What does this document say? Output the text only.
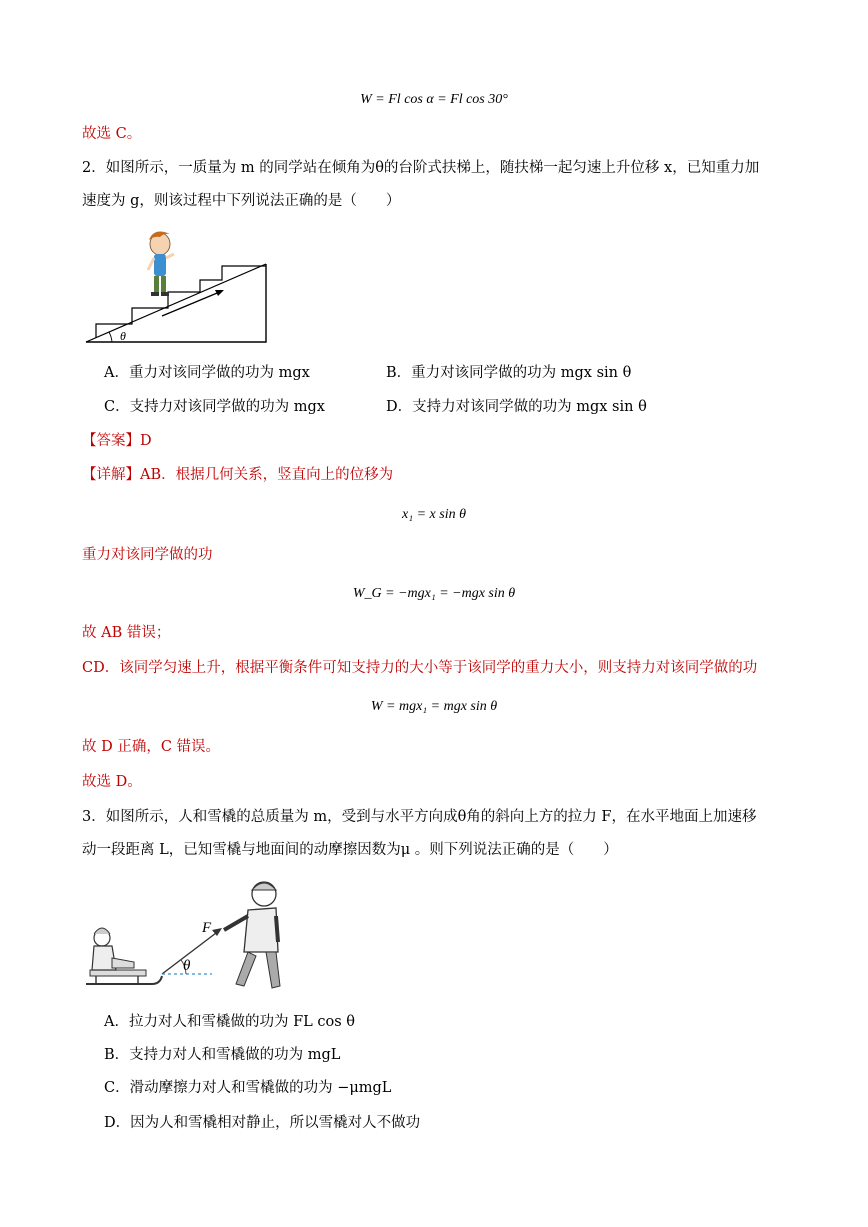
W = Fl cos α = Fl cos 30°
故选 C。
2．如图所示，一质量为 m 的同学站在倾角为θ的台阶式扶梯上，随扶梯一起匀速上升位移 x，已知重力加
速度为 g，则该过程中下列说法正确的是（　　）
θ
A．重力对该同学做的功为 mgx	B．重力对该同学做的功为 mgx sin θ
C．支持力对该同学做的功为 mgx	D．支持力对该同学做的功为 mgx sin θ
【答案】D
【详解】AB．根据几何关系，竖直向上的位移为
x₁ = x sin θ
重力对该同学做的功
W_G = −mgx₁ = −mgx sin θ
故 AB 错误；
CD．该同学匀速上升，根据平衡条件可知支持力的大小等于该同学的重力大小，则支持力对该同学做的功
W = mgx₁ = mgx sin θ
故 D 正确，C 错误。
故选 D。
3．如图所示，人和雪橇的总质量为 m，受到与水平方向成θ角的斜向上方的拉力 F，在水平地面上加速移
动一段距离 L，已知雪橇与地面间的动摩擦因数为μ 。则下列说法正确的是（　　）
F
θ
A．拉力对人和雪橇做的功为 FL cos θ
B．支持力对人和雪橇做的功为 mgL
C．滑动摩擦力对人和雪橇做的功为 −μmgL
D．因为人和雪橇相对静止，所以雪橇对人不做功
